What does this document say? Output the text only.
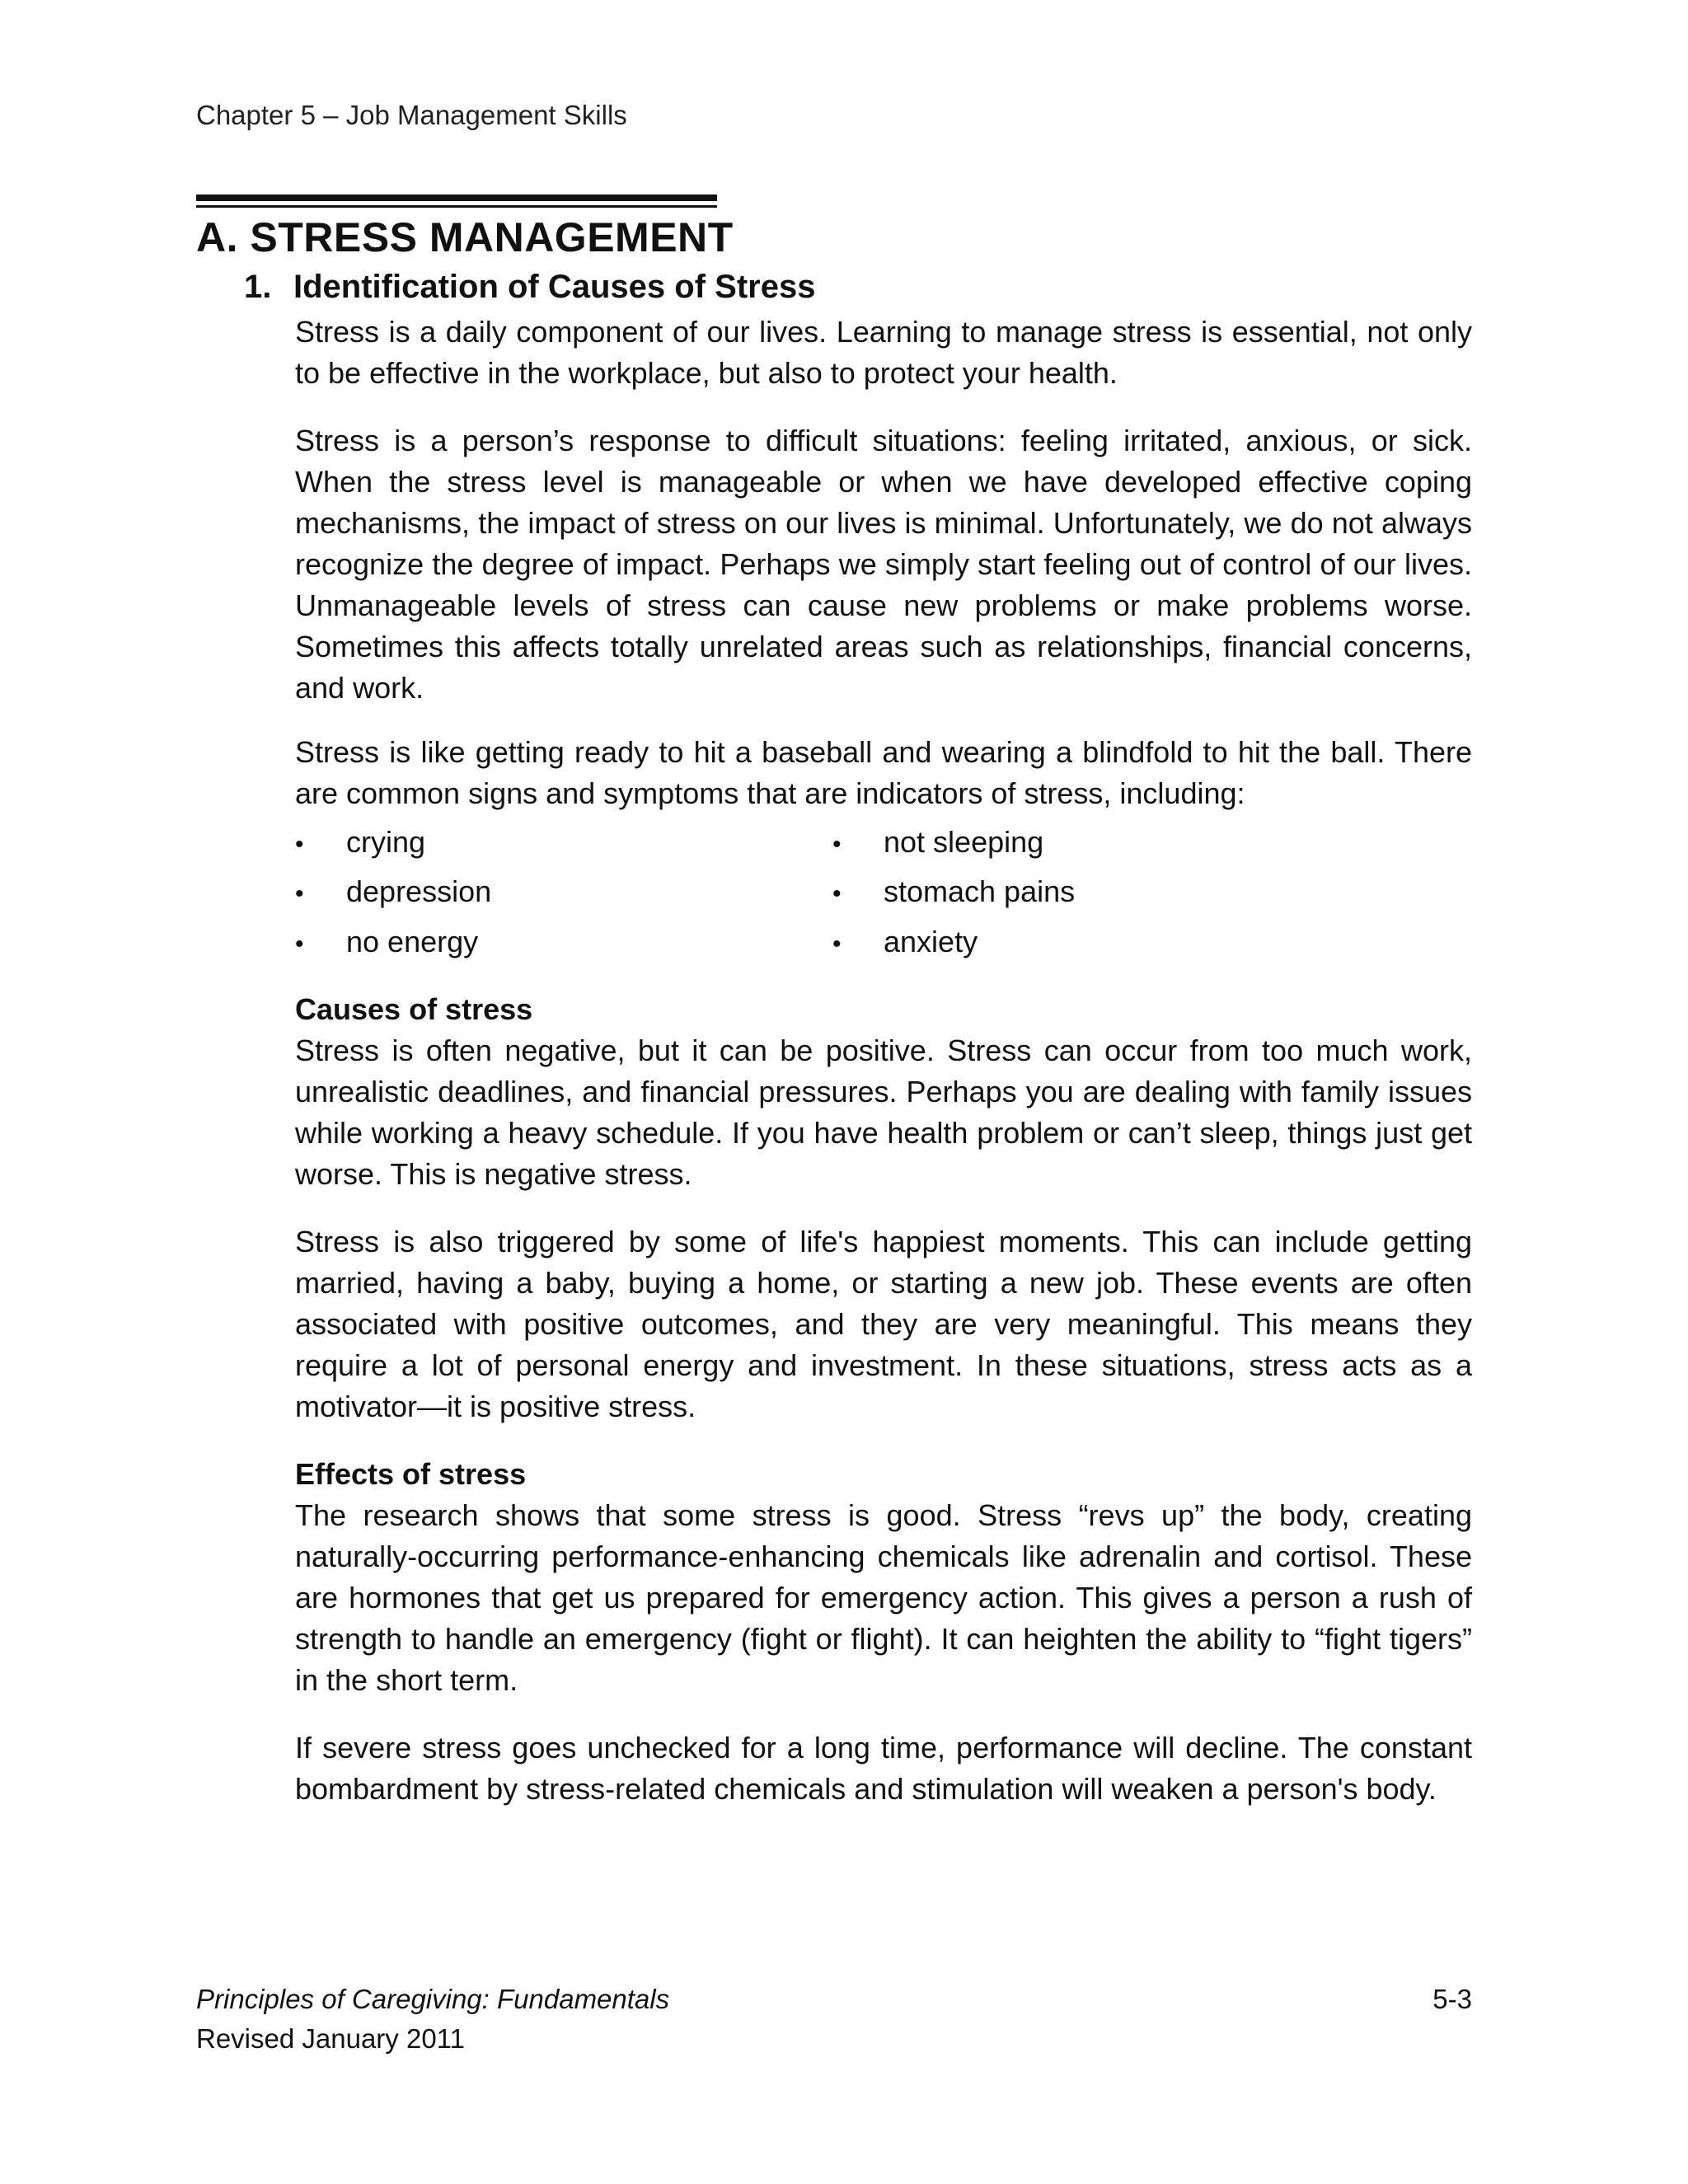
Chapter 5 – Job Management Skills
A. STRESS MANAGEMENT
1. Identification of Causes of Stress

Stress is a daily component of our lives. Learning to manage stress is essential, not only to be effective in the workplace, but also to protect your health.

Stress is a person’s response to difficult situations: feeling irritated, anxious, or sick. When the stress level is manageable or when we have developed effective coping mechanisms, the impact of stress on our lives is minimal. Unfortunately, we do not always recognize the degree of impact. Perhaps we simply start feeling out of control of our lives. Unmanageable levels of stress can cause new problems or make problems worse. Sometimes this affects totally unrelated areas such as relationships, financial concerns, and work.

Stress is like getting ready to hit a baseball and wearing a blindfold to hit the ball. There are common signs and symptoms that are indicators of stress, including:

• crying
• depression
• no energy
• not sleeping
• stomach pains
• anxiety
Causes of stress

Stress is often negative, but it can be positive. Stress can occur from too much work, unrealistic deadlines, and financial pressures. Perhaps you are dealing with family issues while working a heavy schedule. If you have health problem or can’t sleep, things just get worse. This is negative stress.

Stress is also triggered by some of life's happiest moments. This can include getting married, having a baby, buying a home, or starting a new job. These events are often associated with positive outcomes, and they are very meaningful. This means they require a lot of personal energy and investment. In these situations, stress acts as a motivator—it is positive stress.

Effects of stress

The research shows that some stress is good. Stress “revs up” the body, creating naturally-occurring performance-enhancing chemicals like adrenalin and cortisol. These are hormones that get us prepared for emergency action. This gives a person a rush of strength to handle an emergency (fight or flight). It can heighten the ability to “fight tigers” in the short term.

If severe stress goes unchecked for a long time, performance will decline. The constant bombardment by stress-related chemicals and stimulation will weaken a person's body.

Principles of Caregiving: Fundamentals
Revised January 2011
5-3
